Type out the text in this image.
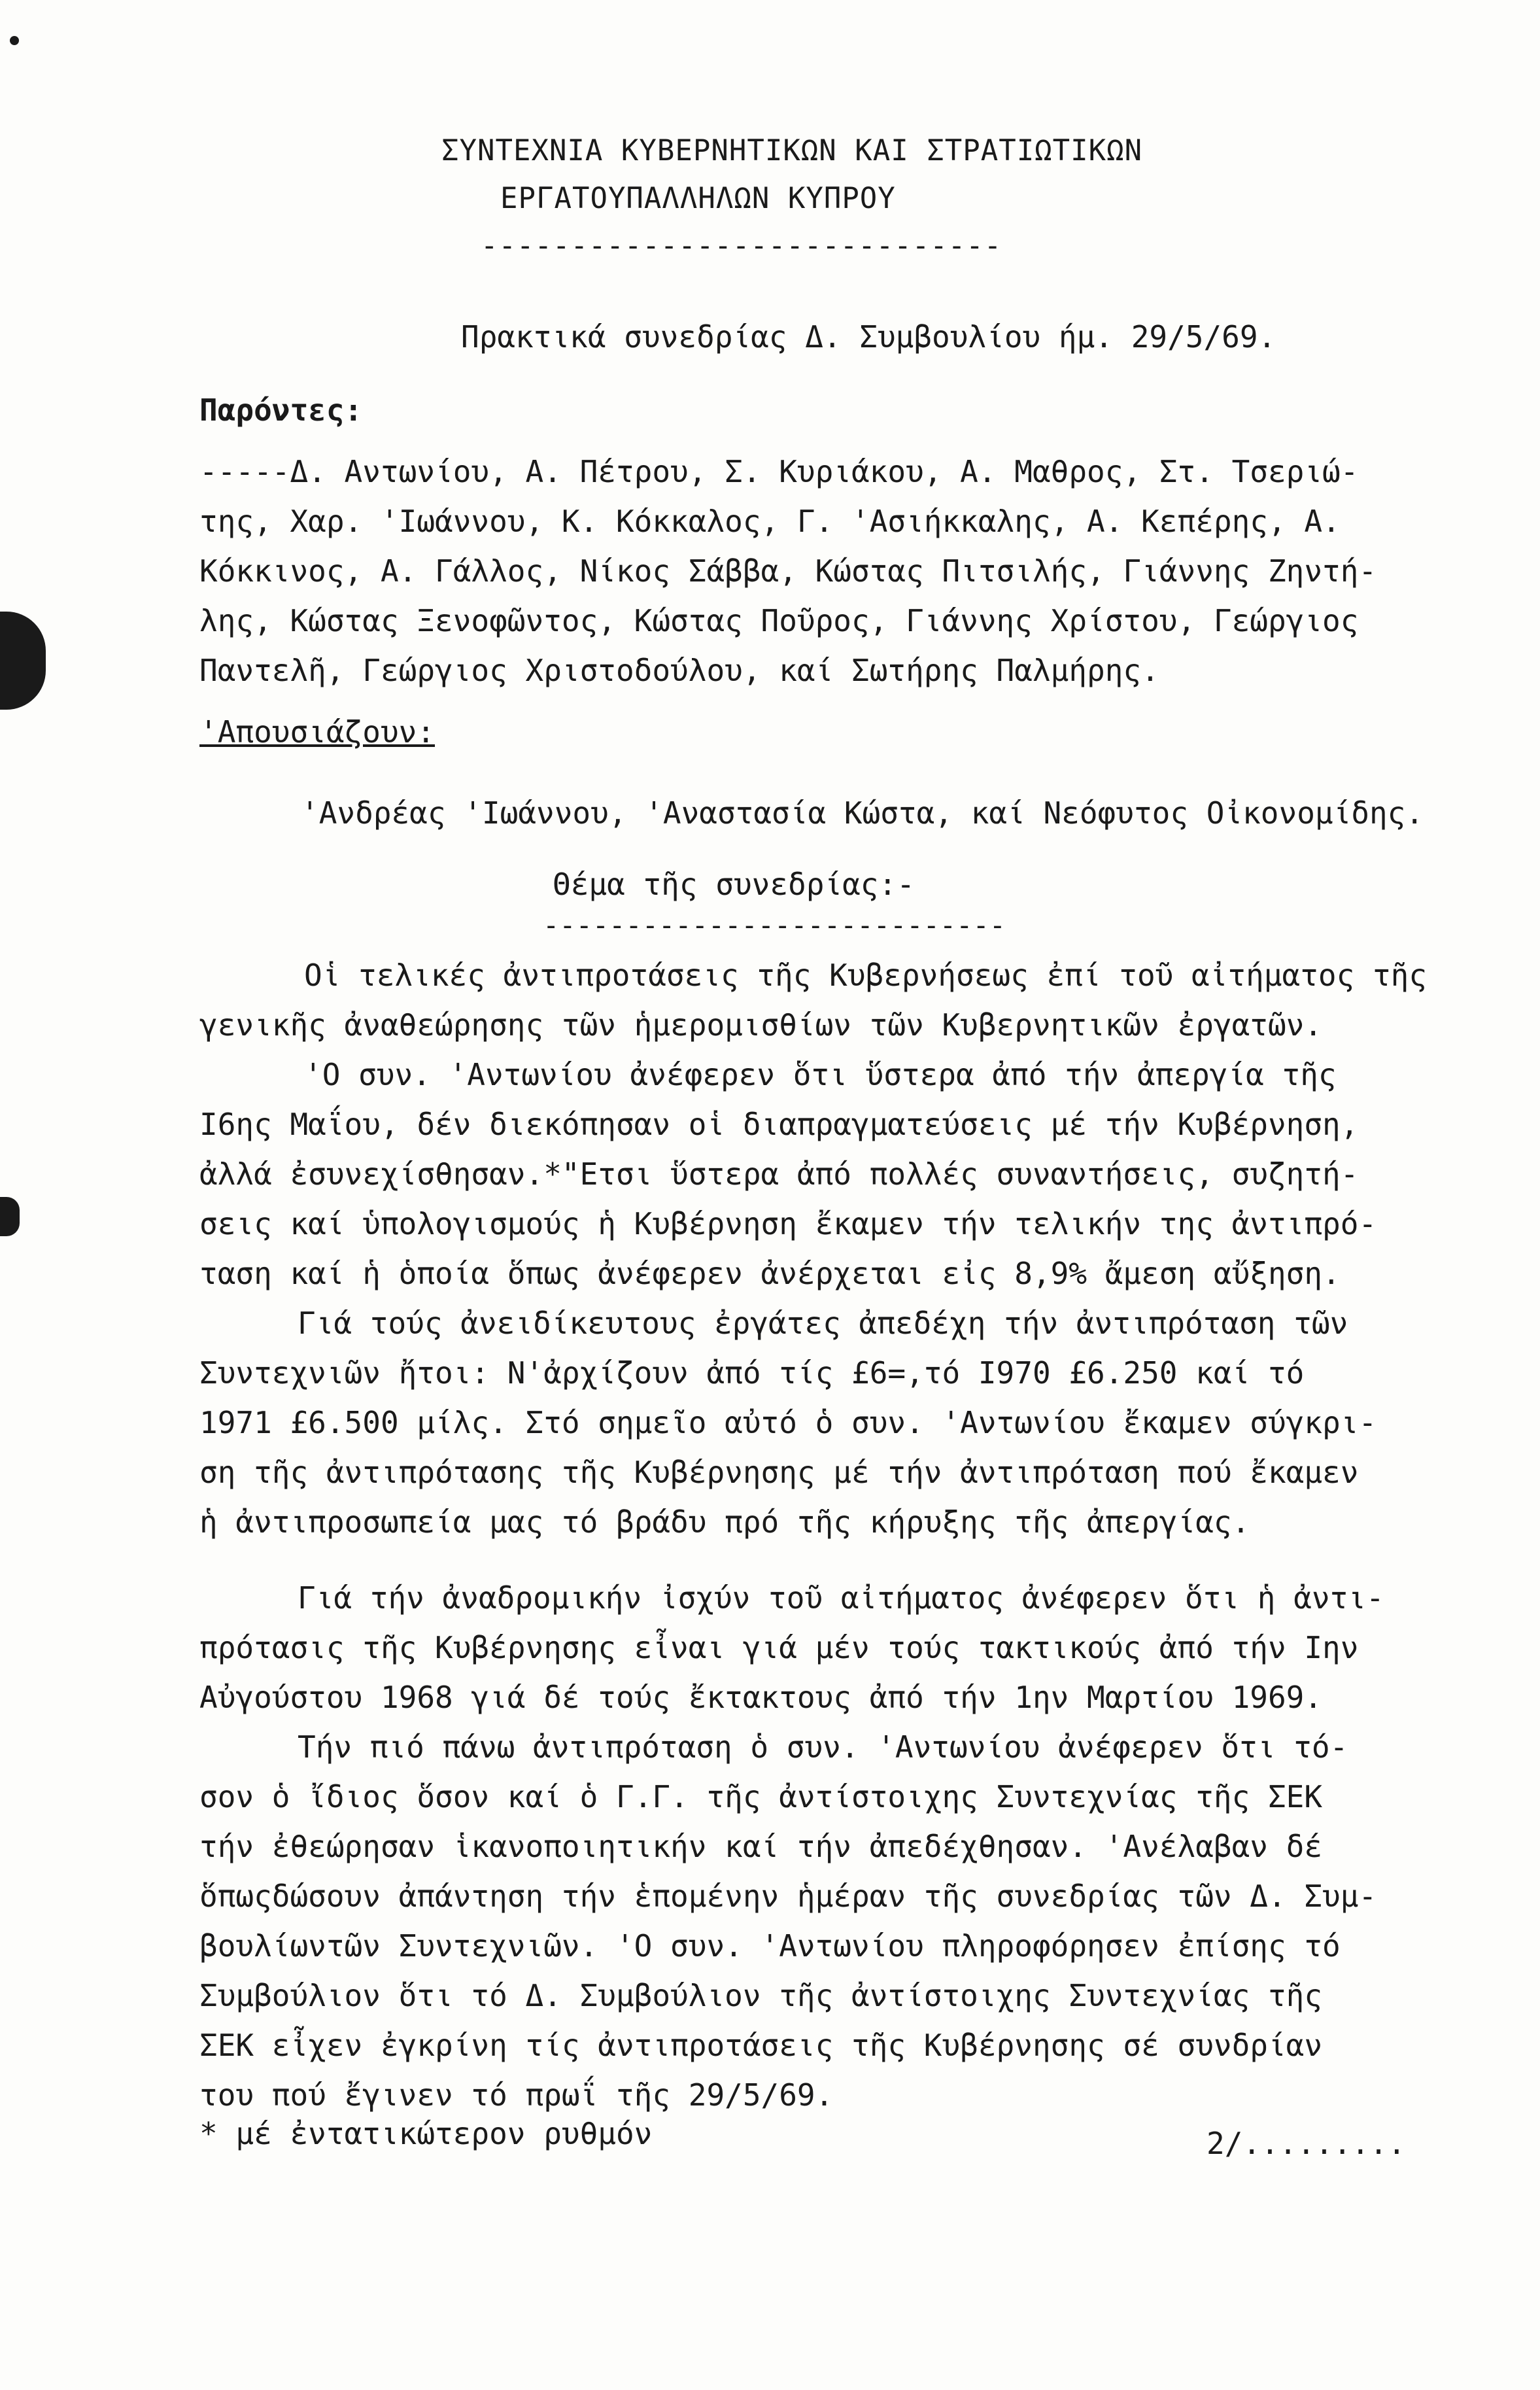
ΣΥΝΤΕΧΝΙΑ ΚΥΒΕΡΝΗΤΙΚΩΝ ΚΑΙ ΣΤΡΑΤΙΩΤΙΚΩΝ
ΕΡΓΑΤΟΥΠΑΛΛΗΛΩΝ ΚΥΠΡΟΥ
-----------------------------
Πρακτικά συνεδρίας Δ. Συμβουλίου ήμ. 29/5/69.
Παρόντες:
-----Δ. Αντωνίου, Α. Πέτρου, Σ. Κυριάκου, Α. Μαθρος, Στ. Τσεριώ-
της, Χαρ. 'Ιωάννου, Κ. Κόκκαλος, Γ. 'Ασιήκκαλης, Α. Κεπέρης, Α.
Κόκκινος, Α. Γάλλος, Νίκος Σάββα, Κώστας Πιτσιλής, Γιάννης Ζηντή-
λης, Κώστας Ξενοφῶντος, Κώστας Ποῦρος, Γιάννης Χρίστου, Γεώργιος
Παντελῆ, Γεώργιος Χριστοδούλου, καί Σωτήρης Παλμήρης.
'Απουσιάζουν:
'Ανδρέας 'Ιωάννου, 'Αναστασία Κώστα, καί Νεόφυτος Οἰκονομίδης.
Θέμα τῆς συνεδρίας:-
----------------------------
Οἱ τελικές ἀντιπροτάσεις τῆς Κυβερνήσεως ἐπί τοῦ αἰτήματος τῆς
γενικῆς ἀναθεώρησης τῶν ἡμερομισθίων τῶν Κυβερνητικῶν ἐργατῶν.
'Ο συν. 'Αντωνίου ἀνέφερεν ὅτι ὕστερα ἀπό τήν ἀπεργία τῆς
Ι6ης Μαΐου, δέν διεκόπησαν οἱ διαπραγματεύσεις μέ τήν Κυβέρνηση,
ἀλλά ἐσυνεχίσθησαν.*"Ετσι ὕστερα ἀπό πολλές συναντήσεις, συζητή-
σεις καί ὑπολογισμούς ἡ Κυβέρνηση ἔκαμεν τήν τελικήν της ἀντιπρό-
ταση καί ἡ ὁποία ὅπως ἀνέφερεν ἀνέρχεται εἰς 8,9% ἄμεση αὔξηση.
Γιά τούς ἀνειδίκευτους ἐργάτες ἀπεδέχη τήν ἀντιπρόταση τῶν
Συντεχνιῶν ἤτοι: Ν'ἀρχίζουν ἀπό τίς £6=,τό Ι970 £6.250 καί τό
1971 £6.500 μίλς. Στό σημεῖο αὐτό ὁ συν. 'Αντωνίου ἔκαμεν σύγκρι-
ση τῆς ἀντιπρότασης τῆς Κυβέρνησης μέ τήν ἀντιπρόταση πού ἔκαμεν
ἡ ἀντιπροσωπεία μας τό βράδυ πρό τῆς κήρυξης τῆς ἀπεργίας.
Γιά τήν ἀναδρομικήν ἰσχύν τοῦ αἰτήματος ἀνέφερεν ὅτι ἡ ἀντι-
πρότασις τῆς Κυβέρνησης εἶναι γιά μέν τούς τακτικούς ἀπό τήν Ιην
Αὐγούστου 1968 γιά δέ τούς ἔκτακτους ἀπό τήν 1ην Μαρτίου 1969.
Τήν πιό πάνω ἀντιπρόταση ὁ συν. 'Αντωνίου ἀνέφερεν ὅτι τό-
σον ὁ ἴδιος ὅσον καί ὁ Γ.Γ. τῆς ἀντίστοιχης Συντεχνίας τῆς ΣΕΚ
τήν ἐθεώρησαν ἱκανοποιητικήν καί τήν ἀπεδέχθησαν. 'Ανέλαβαν δέ
ὅπωςδώσουν ἀπάντηση τήν ἑπομένην ἡμέραν τῆς συνεδρίας τῶν Δ. Συμ-
βουλίωντῶν Συντεχνιῶν. 'Ο συν. 'Αντωνίου πληροφόρησεν ἐπίσης τό
Συμβούλιον ὅτι τό Δ. Συμβούλιον τῆς ἀντίστοιχης Συντεχνίας τῆς
ΣΕΚ εἶχεν ἐγκρίνη τίς ἀντιπροτάσεις τῆς Κυβέρνησης σέ συνδρίαν
του πού ἔγινεν τό πρωΐ τῆς 29/5/69.
* μέ ἐντατικώτερον ρυθμόν	2/.........
